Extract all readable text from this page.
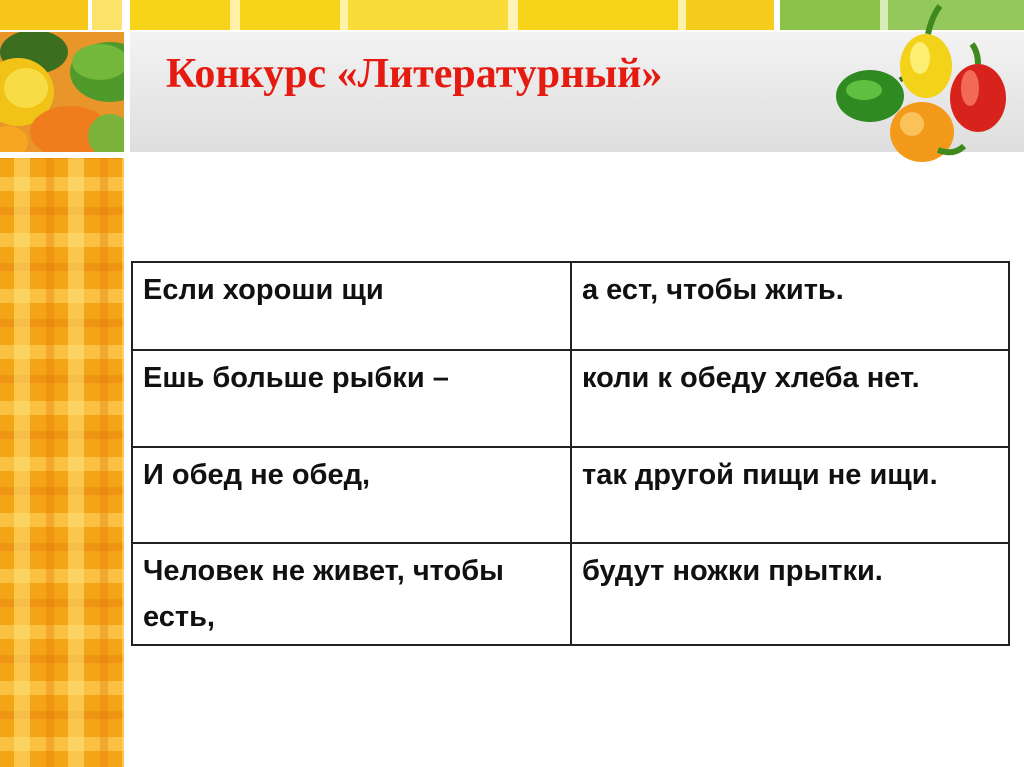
Конкурс «Литературный»
Если хороши щи	а ест, чтобы жить.
Ешь больше рыбки –	коли к обеду хлеба нет.
И обед не обед,	так другой пищи не ищи.
Человек не живет, чтобы есть,	будут ножки прытки.
